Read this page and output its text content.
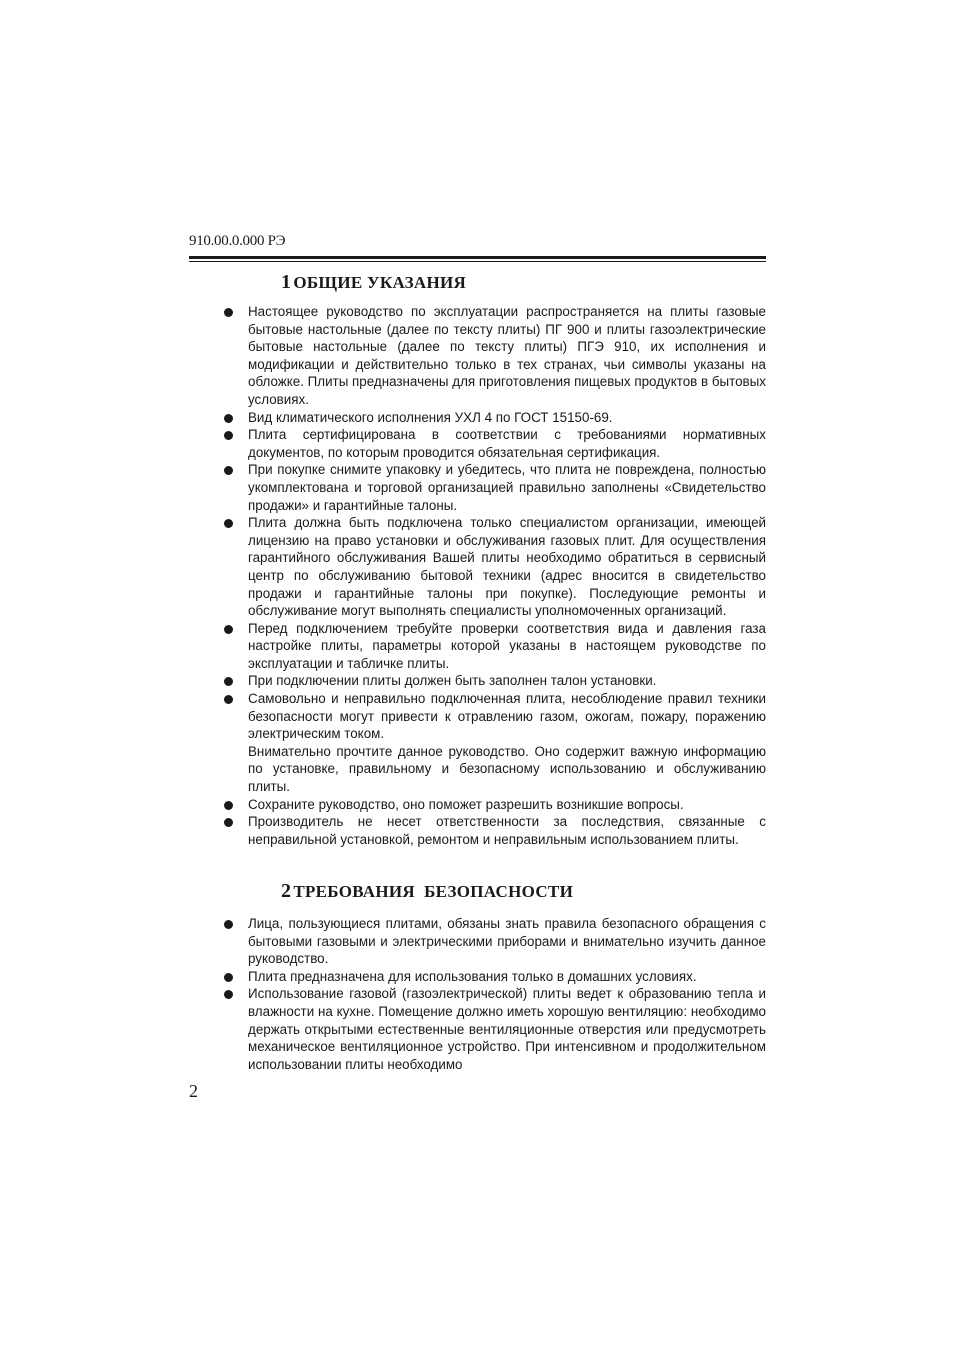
910.00.0.000 РЭ
1 ОБЩИЕ УКАЗАНИЯ
Настоящее руководство по эксплуатации распространяется на плиты газовые бытовые настольные (далее по тексту плиты) ПГ 900 и плиты газоэлектрические бытовые настольные (далее по тексту плиты) ПГЭ 910, их исполнения и модификации и действительно только в тех странах, чьи символы указаны на обложке. Плиты предназначены для приготовления пищевых продуктов в бытовых условиях.
Вид климатического исполнения УХЛ 4 по ГОСТ 15150-69.
Плита сертифицирована в соответствии с требованиями нормативных документов, по которым проводится обязательная сертификация.
При покупке снимите упаковку и убедитесь, что плита не повреждена, полностью укомплектована и торговой организацией правильно заполнены «Свидетельство продажи» и гарантийные талоны.
Плита должна быть подключена только специалистом организации, имеющей лицензию на право установки и обслуживания газовых плит. Для осуществления гарантийного обслуживания Вашей плиты необходимо обратиться в сервисный центр по обслуживанию бытовой техники (адрес вносится в свидетельство продажи и гарантийные талоны при покупке). Последующие ремонты и обслуживание могут выполнять специалисты уполномоченных организаций.
Перед подключением требуйте проверки соответствия вида и давления газа настройке плиты, параметры которой указаны в настоящем руководстве по эксплуатации и табличке плиты.
При подключении плиты должен быть заполнен талон установки.
Самовольно и неправильно подключенная плита, несоблюдение правил техники безопасности могут привести к отравлению газом, ожогам, пожару, поражению электрическим током.
Внимательно прочтите данное руководство. Оно содержит важную информацию по установке, правильному и безопасному использованию и обслуживанию плиты.
Сохраните руководство, оно поможет разрешить возникшие вопросы.
Производитель не несет ответственности за последствия, связанные с неправильной установкой, ремонтом и неправильным использованием плиты.
2 ТРЕБОВАНИЯ  БЕЗОПАСНОСТИ
Лица, пользующиеся плитами, обязаны знать правила безопасного обращения с бытовыми газовыми и электрическими приборами и внимательно изучить данное руководство.
Плита предназначена для использования только в домашних условиях.
Использование газовой (газоэлектрической) плиты ведет к образованию тепла и влажности на кухне. Помещение должно иметь хорошую вентиляцию: необходимо держать открытыми естественные вентиляционные отверстия или предусмотреть механическое вентиляционное устройство. При интенсивном и продолжительном использовании плиты необходимо
2
